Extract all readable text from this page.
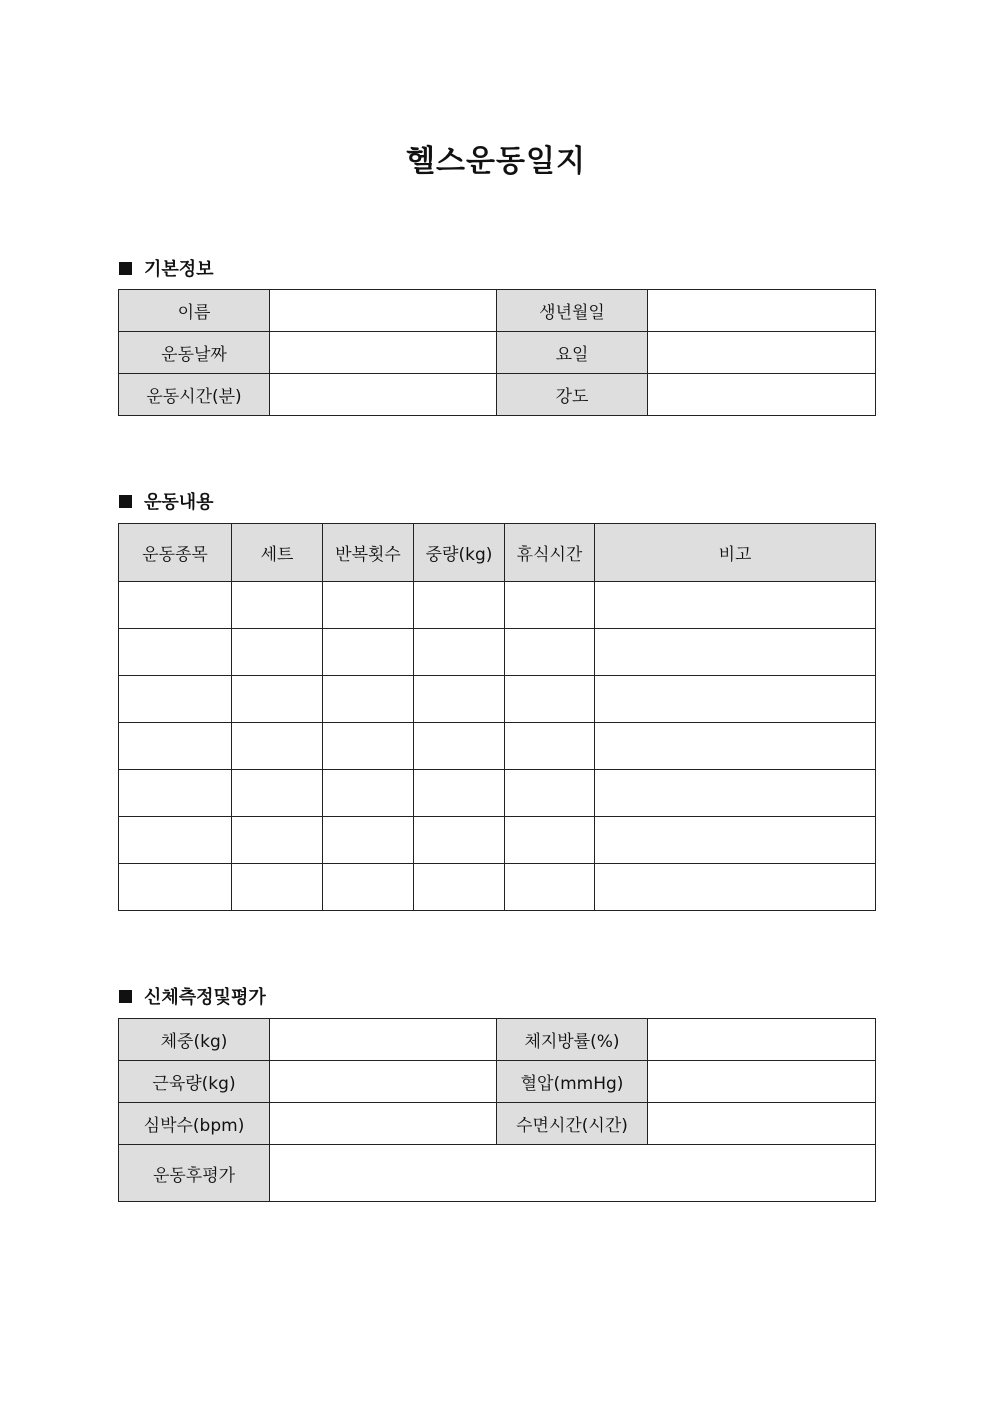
헬스운동일지
기본정보
이름		생년월일	
운동날짜		요일	
운동시간(분)		강도	
운동내용
운동종목	세트	반복횟수	중량(kg)	휴식시간	비고

신체측정및평가
체중(kg)		체지방률(%)	
근육량(kg)		혈압(mmHg)	
심박수(bpm)		수면시간(시간)	
운동후평가			
